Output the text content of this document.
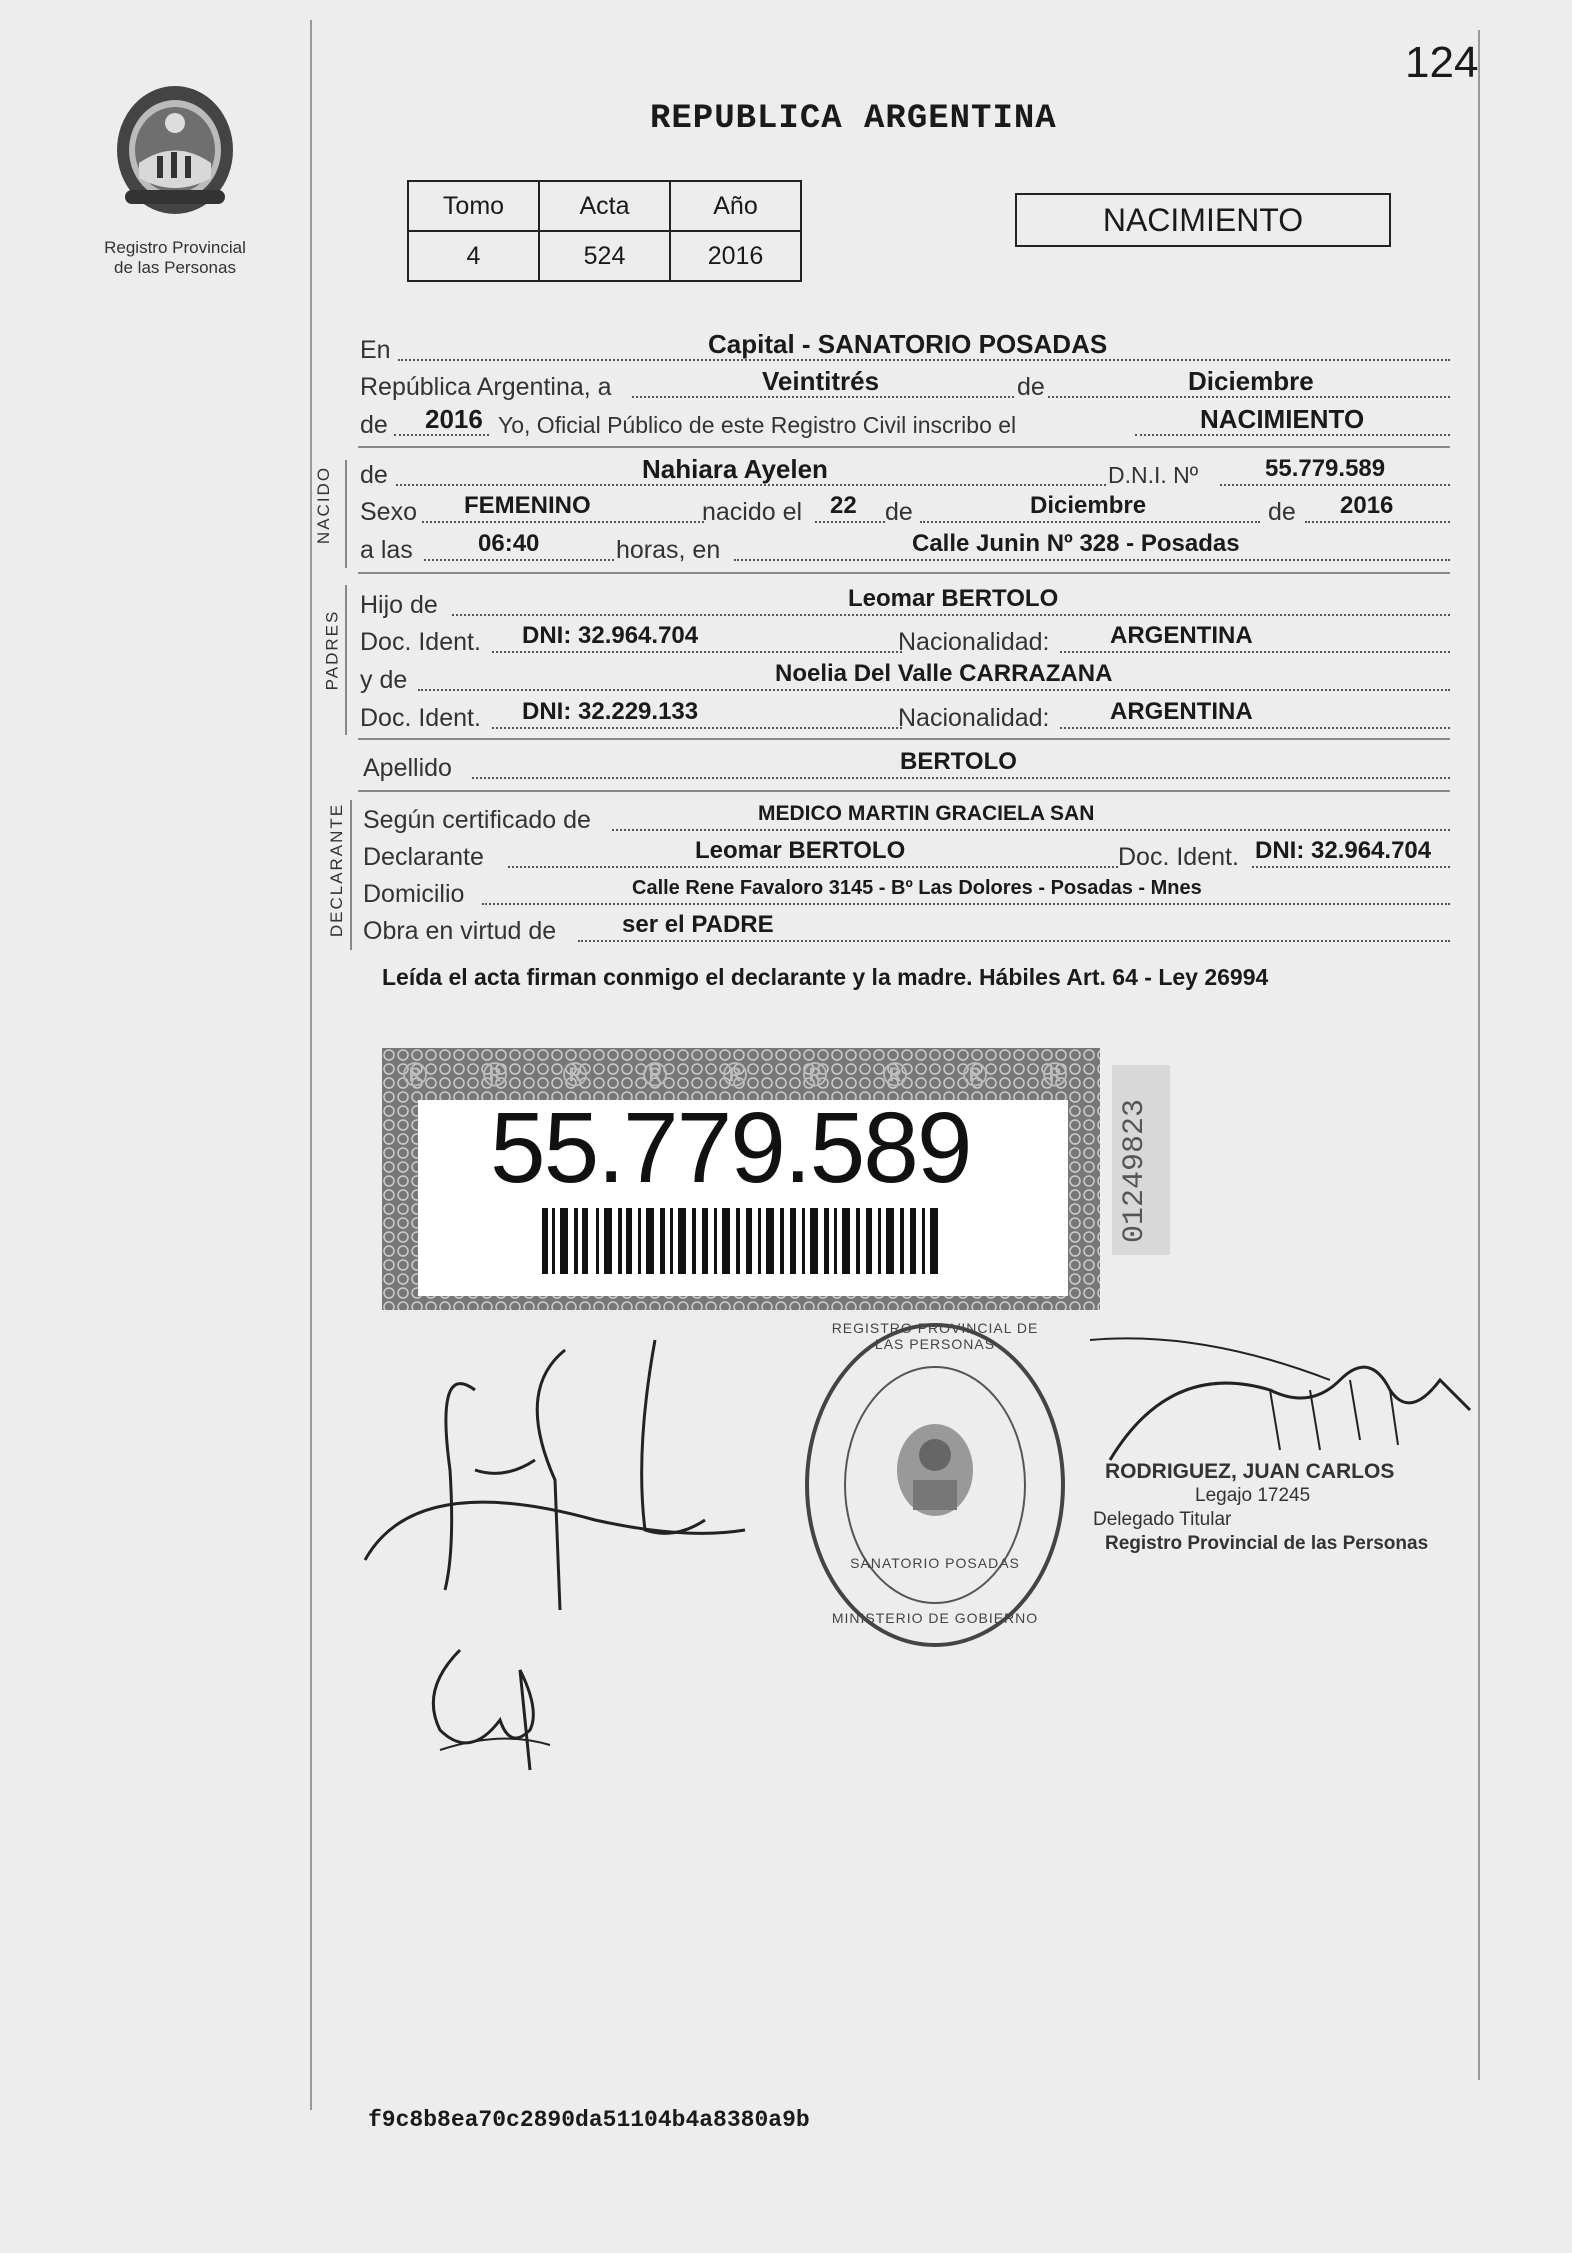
124
Registro Provincial
de las Personas
REPUBLICA ARGENTINA
Tomo	Acta	Año
4	524	2016
NACIMIENTO
En	Capital - SANATORIO POSADAS
República Argentina, a	Veintitrés	de	Diciembre
de 2016 Yo, Oficial Público de este Registro Civil inscribo el	NACIMIENTO
NACIDO de	Nahiara Ayelen	D.N.I. Nº	55.779.589
Sexo FEMENINO	nacido el 22 de	Diciembre	de 2016
a las	06:40	horas, en	Calle Junin Nº 328 - Posadas
PADRES
Hijo de	Leomar BERTOLO
Doc. Ident. DNI: 32.964.704	Nacionalidad:	ARGENTINA
y de	Noelia Del Valle CARRAZANA
Doc. Ident. DNI: 32.229.133	Nacionalidad:	ARGENTINA
Apellido	BERTOLO
DECLARANTE Según certificado de	MEDICO MARTIN GRACIELA SAN
Declarante	Leomar BERTOLO	Doc. Ident. DNI: 32.964.704
Domicilio	Calle Rene Favaloro 3145 - Bº Las Dolores - Posadas - Mnes
Obra en virtud de	ser el PADRE
Leída el acta firman conmigo el declarante y la madre. Hábiles Art. 64 - Ley 26994
® ® ® ® ® ® ® ® ®
55.779.589	01249823
REGISTRO PROVINCIAL DE LAS PERSONAS
SANATORIO POSADAS
MINISTERIO DE GOBIERNO
RODRIGUEZ, JUAN CARLOS
Legajo 17245
Delegado Titular
Registro Provincial de las Personas
f9c8b8ea70c2890da51104b4a8380a9b
